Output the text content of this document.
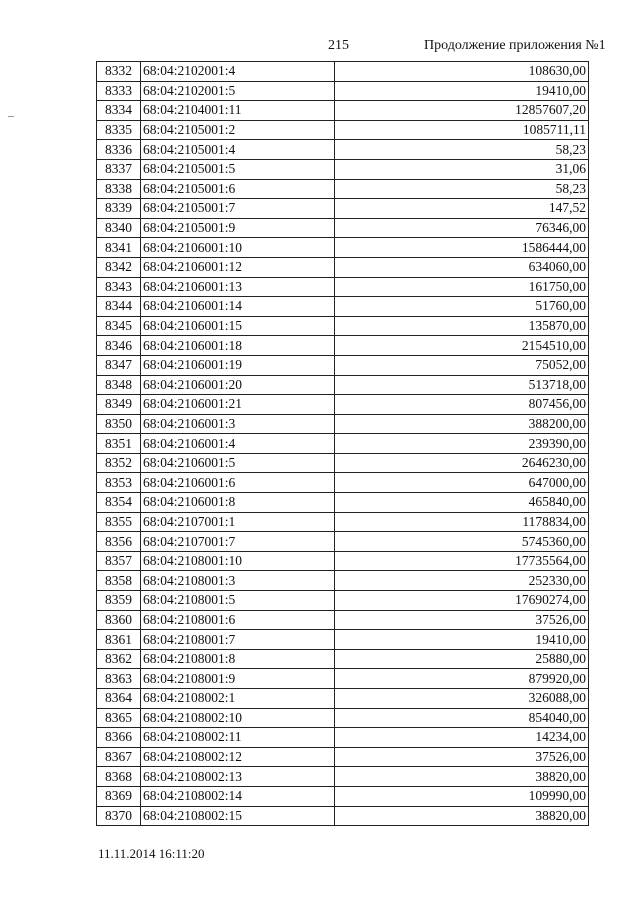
215	Продолжение приложения №1
8332	68:04:2102001:4	108630,00
8333	68:04:2102001:5	19410,00
8334	68:04:2104001:11	12857607,20
8335	68:04:2105001:2	1085711,11
8336	68:04:2105001:4	58,23
8337	68:04:2105001:5	31,06
8338	68:04:2105001:6	58,23
8339	68:04:2105001:7	147,52
8340	68:04:2105001:9	76346,00
8341	68:04:2106001:10	1586444,00
8342	68:04:2106001:12	634060,00
8343	68:04:2106001:13	161750,00
8344	68:04:2106001:14	51760,00
8345	68:04:2106001:15	135870,00
8346	68:04:2106001:18	2154510,00
8347	68:04:2106001:19	75052,00
8348	68:04:2106001:20	513718,00
8349	68:04:2106001:21	807456,00
8350	68:04:2106001:3	388200,00
8351	68:04:2106001:4	239390,00
8352	68:04:2106001:5	2646230,00
8353	68:04:2106001:6	647000,00
8354	68:04:2106001:8	465840,00
8355	68:04:2107001:1	1178834,00
8356	68:04:2107001:7	5745360,00
8357	68:04:2108001:10	17735564,00
8358	68:04:2108001:3	252330,00
8359	68:04:2108001:5	17690274,00
8360	68:04:2108001:6	37526,00
8361	68:04:2108001:7	19410,00
8362	68:04:2108001:8	25880,00
8363	68:04:2108001:9	879920,00
8364	68:04:2108002:1	326088,00
8365	68:04:2108002:10	854040,00
8366	68:04:2108002:11	14234,00
8367	68:04:2108002:12	37526,00
8368	68:04:2108002:13	38820,00
8369	68:04:2108002:14	109990,00
8370	68:04:2108002:15	38820,00
11.11.2014 16:11:20
